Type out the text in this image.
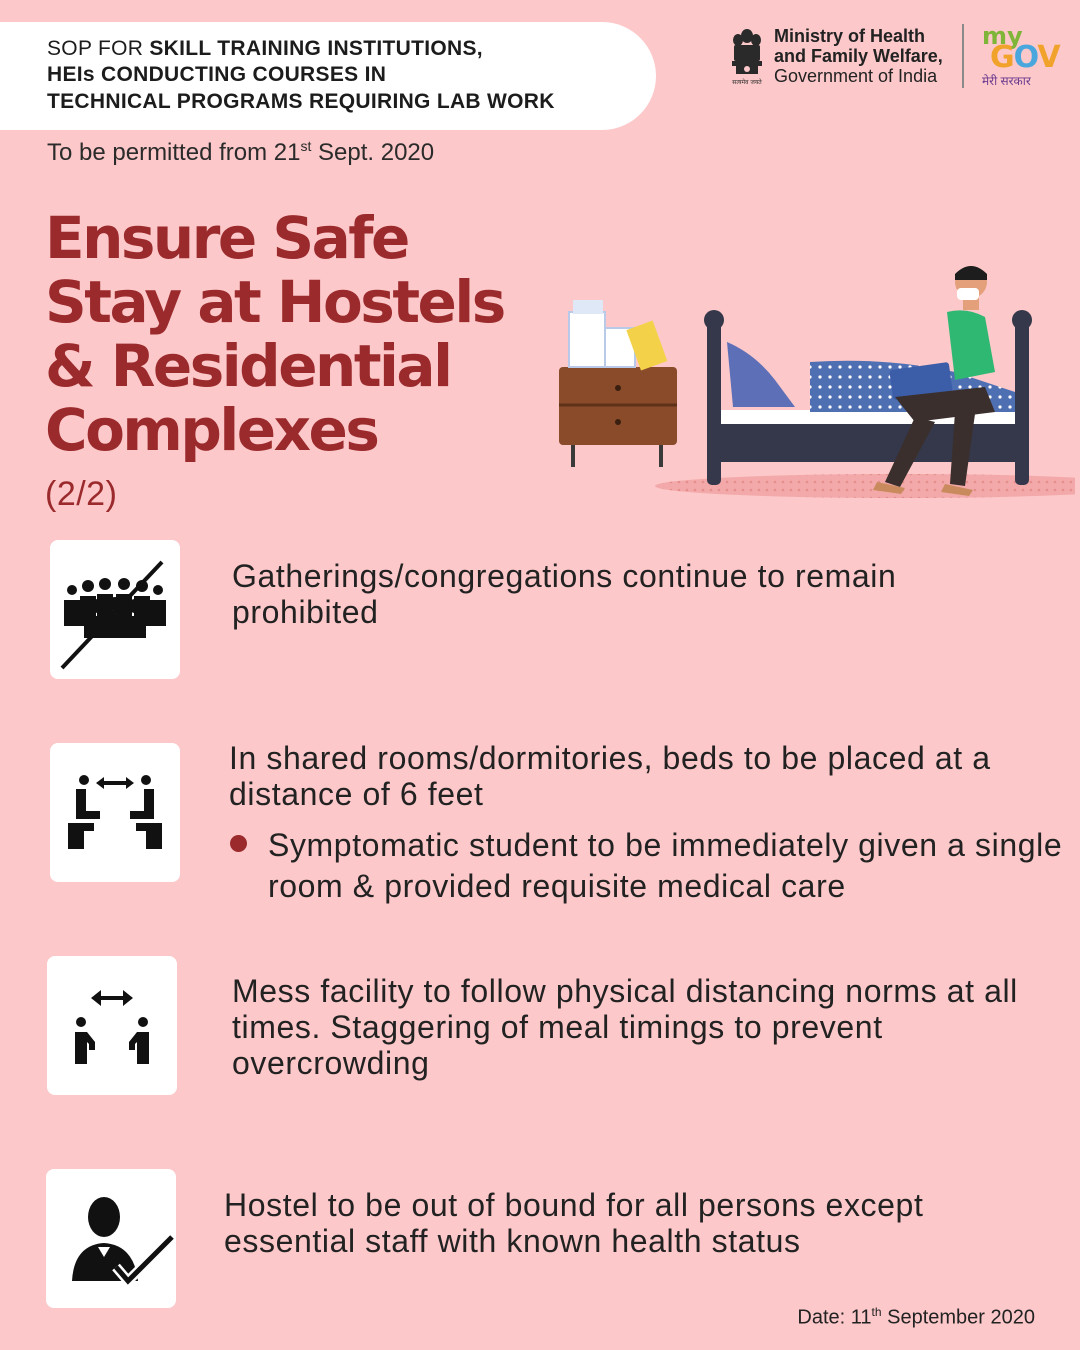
SOP FOR SKILL TRAINING INSTITUTIONS,
HEIs CONDUCTING COURSES IN
TECHNICAL PROGRAMS REQUIRING LAB WORK
To be permitted from 21st Sept. 2020
सत्यमेव जयते
Ministry of Health
and Family Welfare,
Government of India
my
GOV
मेरी सरकार
Ensure Safe
Stay at Hostels
& Residential
Complexes
(2/2)
Gatherings/congregations continue to remain prohibited
In shared rooms/dormitories, beds to be placed at a distance of 6 feet
Symptomatic student to be immediately given a single room & provided requisite medical care
Mess facility to follow physical distancing norms at all times. Staggering of meal timings to prevent overcrowding
Hostel to be out of bound for all persons except essential staff with known health status
Date: 11th September 2020
